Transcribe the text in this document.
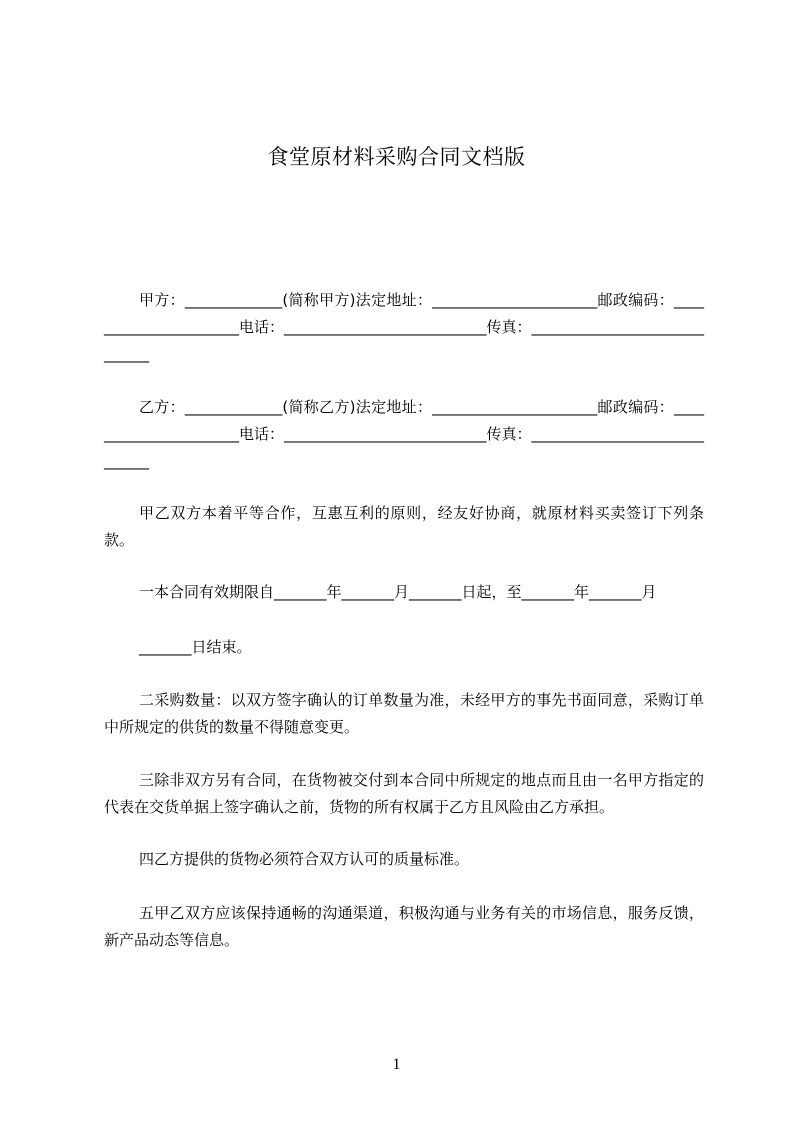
食堂原材料采购合同文档版

甲方：_____________(简称甲方)法定地址：______________________邮政编码：______________________电话：___________________________传真：_____________________________

乙方：_____________(简称乙方)法定地址：______________________邮政编码：______________________电话：___________________________传真：_____________________________

甲乙双方本着平等合作，互惠互利的原则，经友好协商，就原材料买卖签订下列条款。

一本合同有效期限自_______年_______月_______日起，至_______年_______月

_______日结束。

二采购数量：以双方签字确认的订单数量为准，未经甲方的事先书面同意，采购订单中所规定的供货的数量不得随意变更。

三除非双方另有合同，在货物被交付到本合同中所规定的地点而且由一名甲方指定的代表在交货单据上签字确认之前，货物的所有权属于乙方且风险由乙方承担。

四乙方提供的货物必须符合双方认可的质量标准。

五甲乙双方应该保持通畅的沟通渠道，积极沟通与业务有关的市场信息，服务反馈，新产品动态等信息。

1
